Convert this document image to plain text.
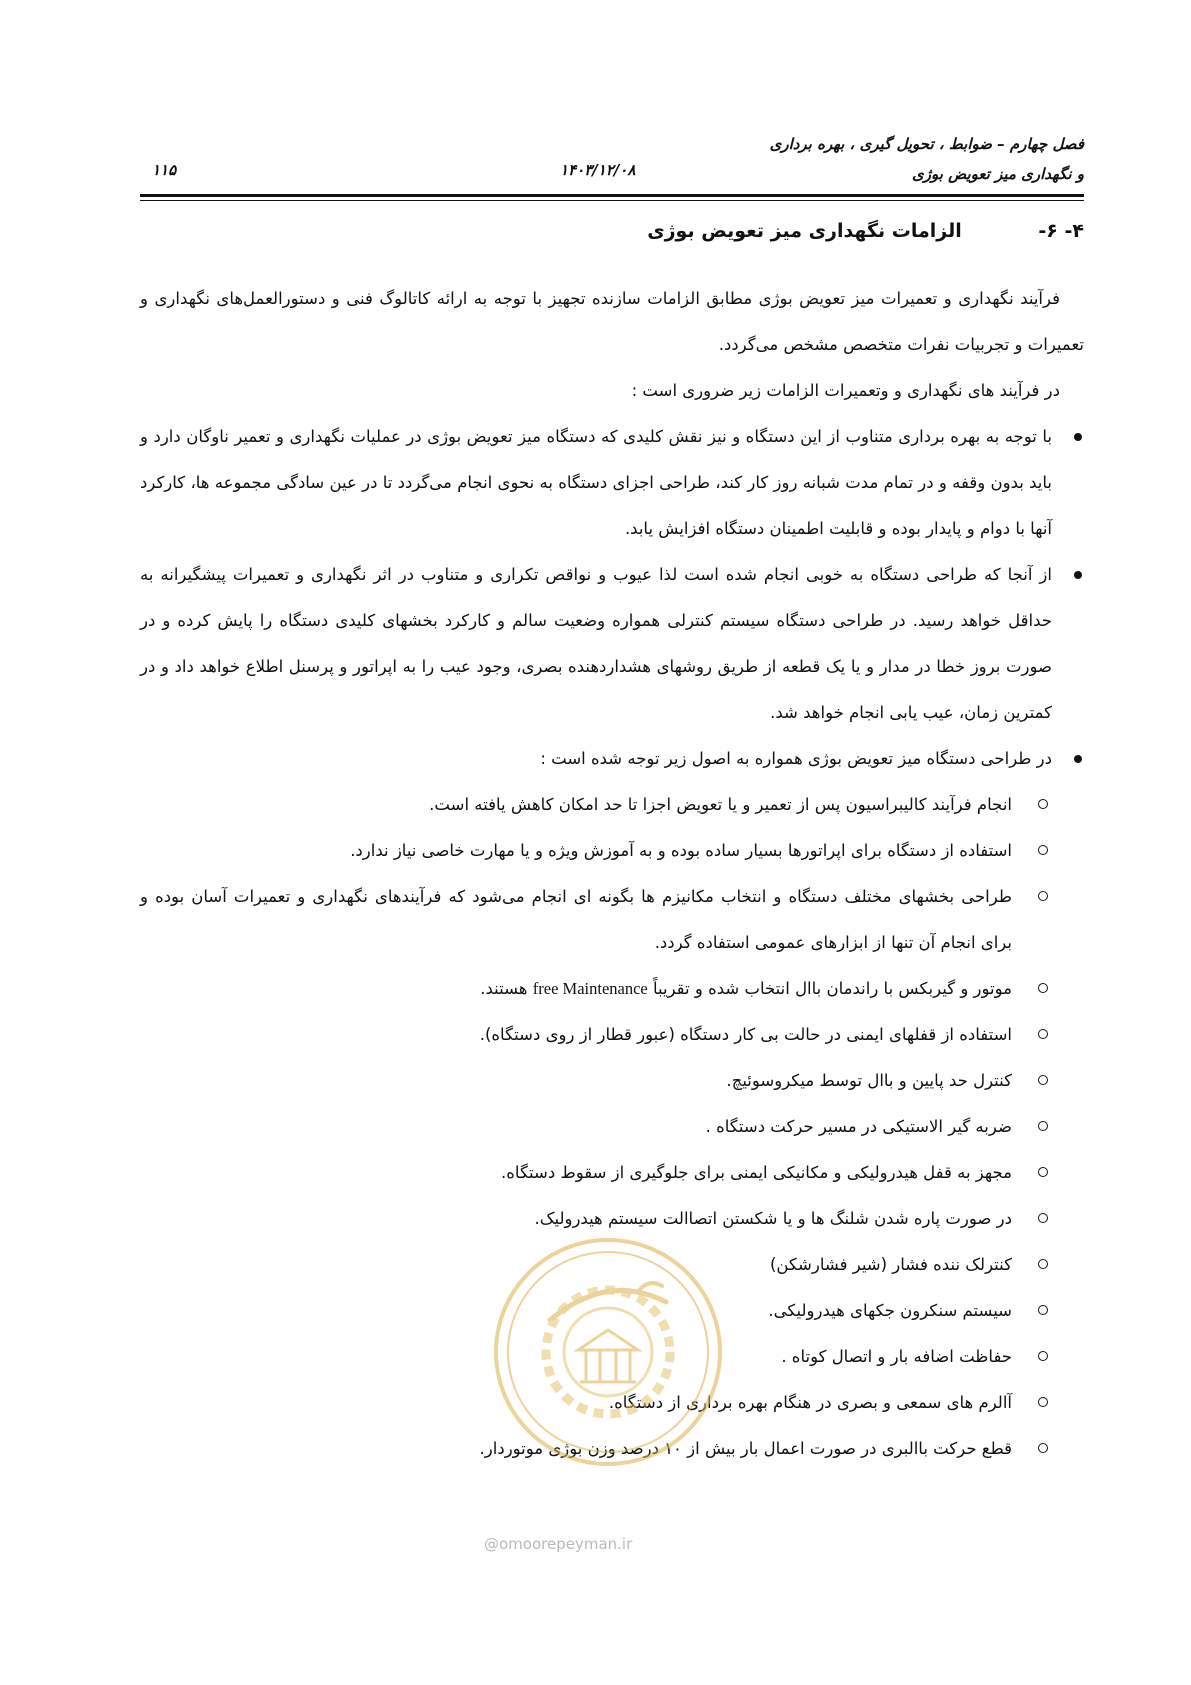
فصل چهارم – ضوابط ، تحویل گیری ، بهره برداری
و نگهداری میز تعویض بوژی
۱۴۰۳/۱۲/۰۸
۱۱۵
۴- ۶- الزامات نگهداری میز تعویض بوژی

فرآیند نگهداری و تعمیرات میز تعویض بوژی مطابق الزامات سازنده تجهیز با توجه به ارائه کاتالوگ فنی و دستورالعمل‌های نگهداری و تعمیرات و تجربیات نفرات متخصص مشخص می‌گردد.

در فرآیند های نگهداری و وتعمیرات الزامات زیر ضروری است :

با توجه به بهره برداری متناوب از این دستگاه و نیز نقش کلیدی که دستگاه میز تعویض بوژی در عملیات نگهداری و تعمیر ناوگان دارد و باید بدون وقفه و در تمام مدت شبانه روز کار کند، طراحی اجزای دستگاه به نحوی انجام می‌گردد تا در عین سادگی مجموعه ها، کارکرد آنها با دوام و پایدار بوده و قابلیت اطمینان دستگاه افزایش یابد.
از آنجا که طراحی دستگاه به خوبی انجام شده است لذا عیوب و نواقص تکراری و متناوب در اثر نگهداری و تعمیرات پیشگیرانه به حداقل خواهد رسید. در طراحی دستگاه سیستم کنترلی همواره وضعیت سالم و کارکرد بخشهای کلیدی دستگاه را پایش کرده و در صورت بروز خطا در مدار و یا یک قطعه از طریق روشهای هشداردهنده بصری، وجود عیب را به اپراتور و پرسنل اطلاع خواهد داد و در کمترین زمان، عیب یابی انجام خواهد شد.
در طراحی دستگاه میز تعویض بوژی همواره به اصول زیر توجه شده است :
انجام فرآیند کالیبراسیون پس از تعمیر و یا تعویض اجزا تا حد امکان کاهش یافته است.
استفاده از دستگاه برای اپراتورها بسیار ساده بوده و به آموزش ویژه و یا مهارت خاصی نیاز ندارد.
طراحی بخشهای مختلف دستگاه و انتخاب مکانیزم ها بگونه ای انجام می‌شود که فرآیندهای نگهداری و تعمیرات آسان بوده و برای انجام آن تنها از ابزارهای عمومی استفاده گردد.
موتور و گیربکس با راندمان باال انتخاب شده و تقریباً free Maintenance هستند.
استفاده از قفلهای ایمنی در حالت بی کار دستگاه (عبور قطار از روی دستگاه).
کنترل حد پایین و باال توسط میکروسوئیچ.
ضربه گیر الاستیکی در مسیر حرکت دستگاه .
مجهز به قفل هیدرولیکی و مکانیکی ایمنی برای جلوگیری از سقوط دستگاه.
در صورت پاره شدن شلنگ ها و یا شکستن اتصاالت سیستم هیدرولیک.
کنترلک ننده فشار (شیر فشارشکن)
سیستم سنکرون جکهای هیدرولیکی.
حفاظت اضافه بار و اتصال کوتاه .
آالرم های سمعی و بصری در هنگام بهره برداری از دستگاه.
قطع حرکت باالبری در صورت اعمال بار بیش از ۱۰ درصد وزن بوژی موتوردار.
@omoorepeyman.ir
